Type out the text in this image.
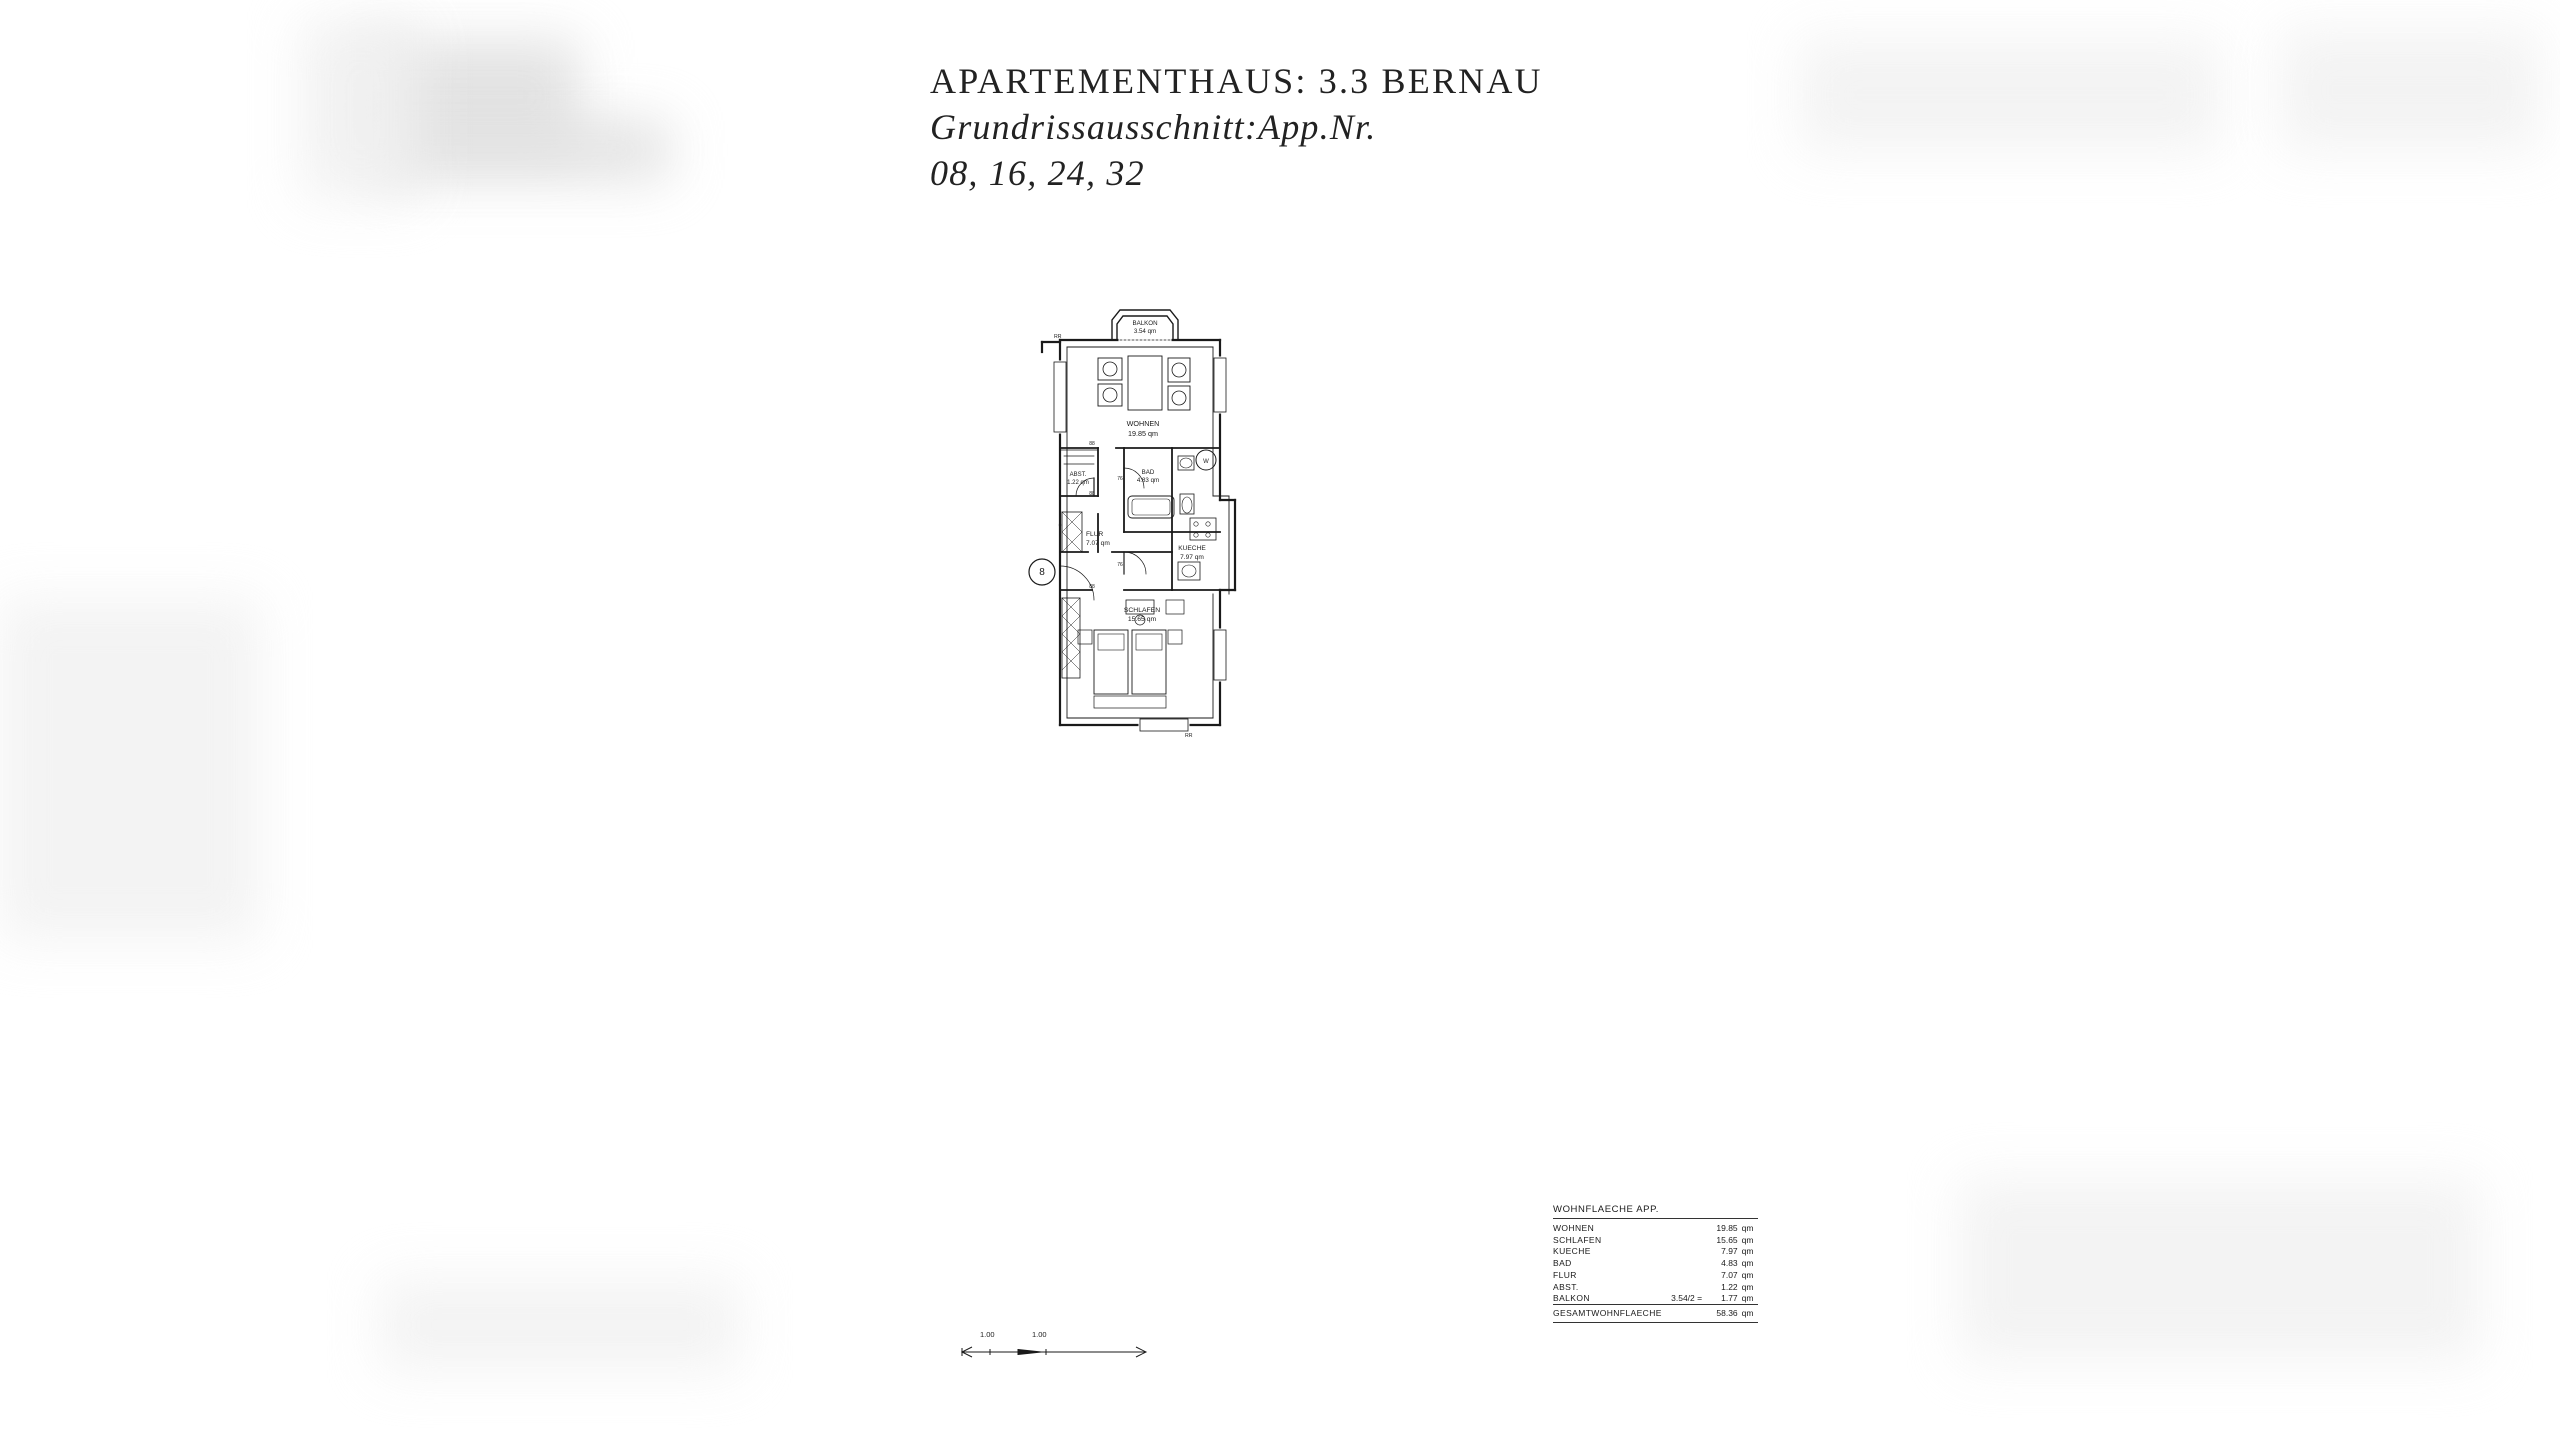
APARTEMENTHAUS: 3.3 BERNAU
Grundrissausschnitt:App.Nr.
08, 16, 24, 32
BALKON
3.54 qm
WOHNEN
19.85 qm
ABST.
1.22 qm
BAD
4.83 qm
FLUR
7.07 qm
KUECHE
7.97 qm
SCHLAFEN
15.65 qm
8
W
RR
RR
76
76
88
88
88
WOHNFLAECHE APP.
WOHNEN		19.85	qm
SCHLAFEN		15.65	qm
KUECHE		7.97	qm
BAD		4.83	qm
FLUR		7.07	qm
ABST.		1.22	qm
BALKON	3.54/2 =	1.77	qm
GESAMTWOHNFLAECHE		58.36	qm
1.00	1.00
